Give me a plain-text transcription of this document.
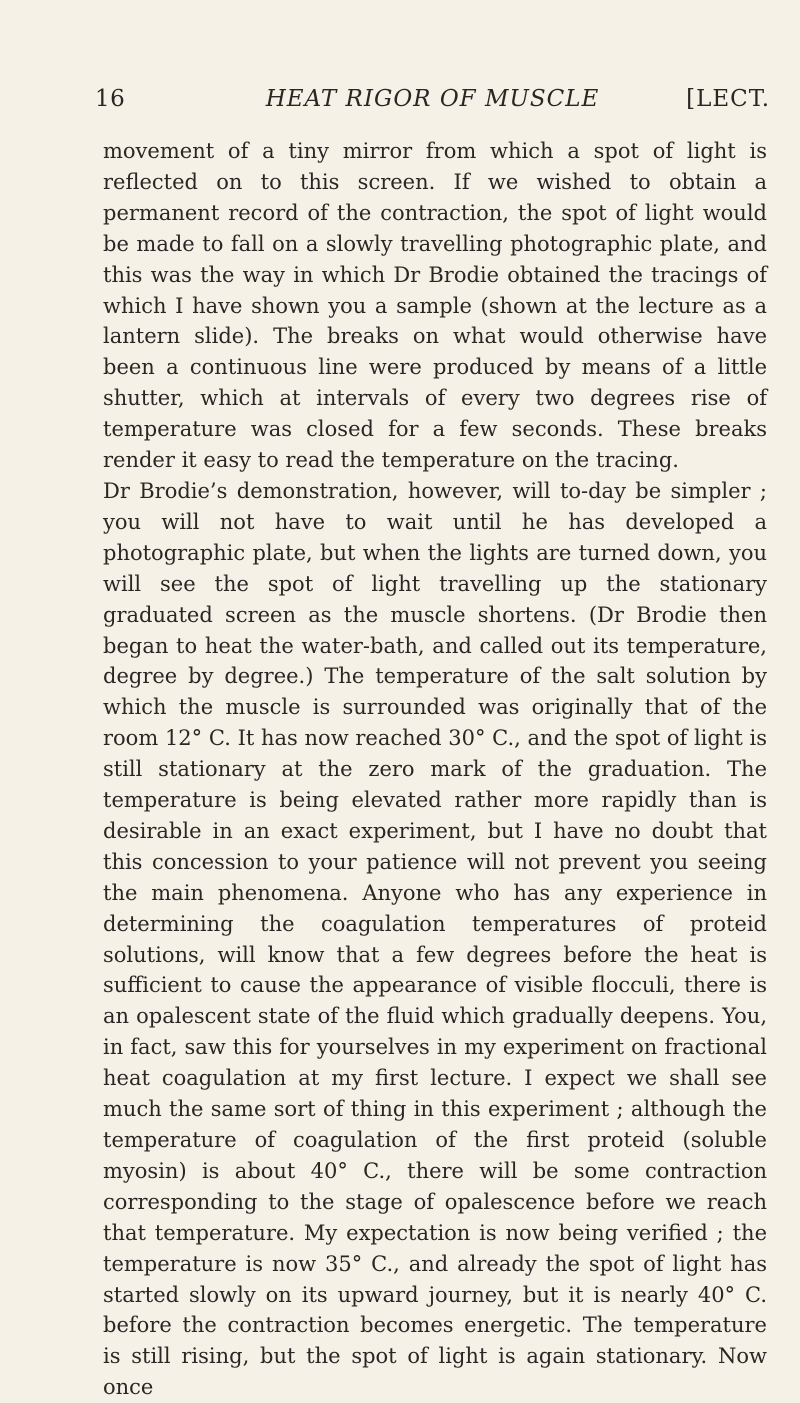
16	HEAT RIGOR OF MUSCLE	[LECT.

movement of a tiny mirror from which a spot of light is reflected on to this screen. If we wished to obtain a permanent record of the contraction, the spot of light would be made to fall on a slowly travelling photographic plate, and this was the way in which Dr Brodie obtained the tracings of which I have shown you a sample (shown at the lecture as a lantern slide). The breaks on what would otherwise have been a continuous line were produced by means of a little shutter, which at intervals of every two degrees rise of temperature was closed for a few seconds. These breaks render it easy to read the temperature on the tracing.

Dr Brodie’s demonstration, however, will to-day be simpler ; you will not have to wait until he has developed a photographic plate, but when the lights are turned down, you will see the spot of light travelling up the stationary graduated screen as the muscle shortens. (Dr Brodie then began to heat the water-bath, and called out its temperature, degree by degree.) The temperature of the salt solution by which the muscle is surrounded was originally that of the room 12° C. It has now reached 30° C., and the spot of light is still stationary at the zero mark of the graduation. The temperature is being elevated rather more rapidly than is desirable in an exact experiment, but I have no doubt that this concession to your patience will not prevent you seeing the main phenomena. Anyone who has any experience in determining the coagulation temperatures of proteid solutions, will know that a few degrees before the heat is sufficient to cause the appearance of visible flocculi, there is an opalescent state of the fluid which gradually deepens. You, in fact, saw this for yourselves in my experiment on fractional heat coagulation at my first lecture. I expect we shall see much the same sort of thing in this experiment ; although the temperature of coagulation of the first proteid (soluble myosin) is about 40° C., there will be some contraction corresponding to the stage of opalescence before we reach that temperature. My expectation is now being verified ; the temperature is now 35° C., and already the spot of light has started slowly on its upward journey, but it is nearly 40° C. before the contraction becomes energetic. The temperature is still rising, but the spot of light is again stationary. Now once
